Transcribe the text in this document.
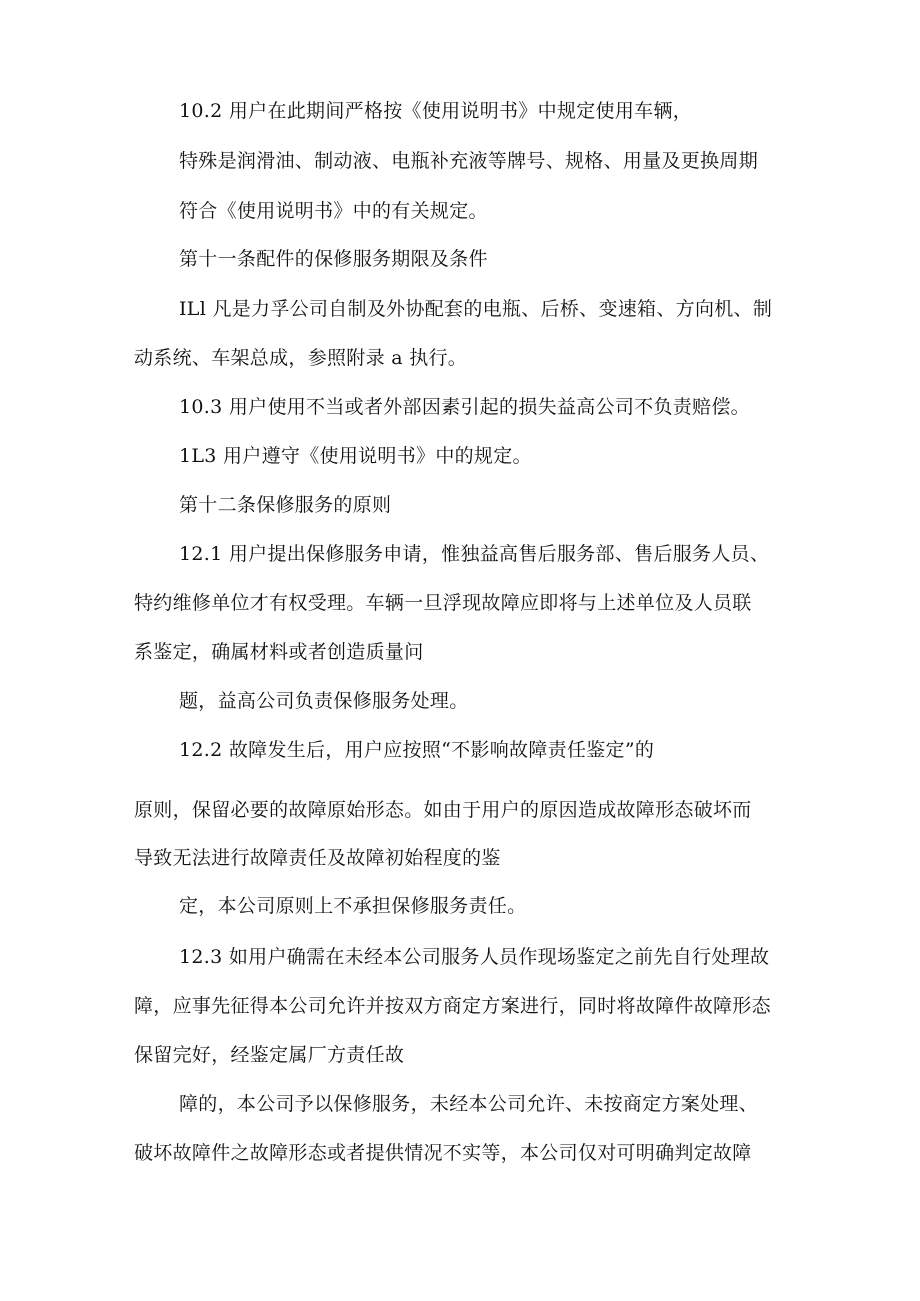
10.2 用户在此期间严格按《使用说明书》中规定使用车辆，
特殊是润滑油、制动液、电瓶补充液等牌号、规格、用量及更换周期
符合《使用说明书》中的有关规定。
第十一条配件的保修服务期限及条件
ILl 凡是力孚公司自制及外协配套的电瓶、后桥、变速箱、方向机、制
动系统、车架总成，参照附录 a 执行。
10.3 用户使用不当或者外部因素引起的损失益高公司不负责赔偿。
1L3 用户遵守《使用说明书》中的规定。
第十二条保修服务的原则
12.1 用户提出保修服务申请，惟独益高售后服务部、售后服务人员、
特约维修单位才有权受理。车辆一旦浮现故障应即将与上述单位及人员联
系鉴定，确属材料或者创造质量问
题，益高公司负责保修服务处理。
12.2 故障发生后，用户应按照“不影响故障责任鉴定”的
原则，保留必要的故障原始形态。如由于用户的原因造成故障形态破坏而
导致无法进行故障责任及故障初始程度的鉴
定，本公司原则上不承担保修服务责任。
12.3 如用户确需在未经本公司服务人员作现场鉴定之前先自行处理故
障，应事先征得本公司允许并按双方商定方案进行，同时将故障件故障形态
保留完好，经鉴定属厂方责任故
障的，本公司予以保修服务，未经本公司允许、未按商定方案处理、
破坏故障件之故障形态或者提供情况不实等，本公司仅对可明确判定故障
